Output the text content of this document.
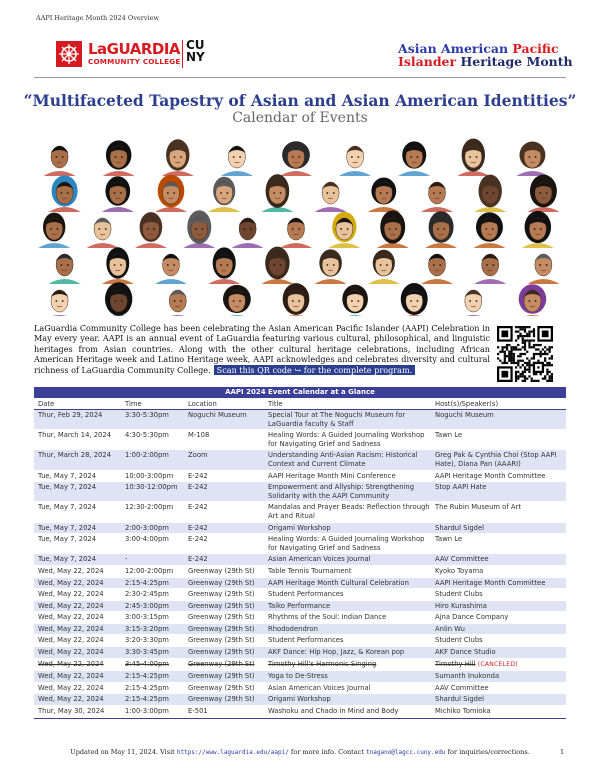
AAPI Heritage Month 2024 Overview
LaGUARDIA
COMMUNITY COLLEGE
CU
NY
Asian American Pacific
Islander Heritage Month
“Multifaceted Tapestry of Asian and Asian American Identities”
Calendar of Events
LaGuardia Community College has been celebrating the Asian American Pacific Islander (AAPI) Celebration in May every year. AAPI is an annual event of LaGuardia featuring various cultural, philosophical, and linguistic heritages from Asian countries. Along with the other cultural heritage celebrations, including African American Heritage week and Latino Heritage week, AAPI acknowledges and celebrates diversity and cultural richness of LaGuardia Community College. Scan this QR code ↪ for the complete program.
AAPI 2024 Event Calendar at a Glance
Date	Time	Location	Title	Host(s)/Speaker(s)
Thur, Feb 29, 2024	3:30-5:30pm	Noguchi Museum	Special Tour at The Noguchi Museum for LaGuardia faculty & Staff	Noguchi Museum
Thur, March 14, 2024	4:30-5:30pm	M-108	Healing Words: A Guided Journaling Workshop for Navigating Grief and Sadness	Tawn Le
Thur, March 28, 2024	1:00-2:00pm	Zoom	Understanding Anti-Asian Racism: Historical Context and Current Climate	Greg Pak & Cynthia Choi (Stop AAPI Hate), Diana Pan (AAARI)
Tue, May 7, 2024	10:00-3:00pm	E-242	AAPI Heritage Month Mini Conference	AAPI Heritage Month Committee
Tue, May 7, 2024	10:30-12:00pm	E-242	Empowerment and Allyship: Strengthening Solidarity with the AAPI Community	Stop AAPI Hate
Tue, May 7, 2024	12:30-2:00pm	E-242	Mandalas and Prayer Beads: Reflection through Art and Ritual	The Rubin Museum of Art
Tue, May 7, 2024	2:00-3:00pm	E-242	Origami Workshop	Shardul Sigdel
Tue, May 7, 2024	3:00-4:00pm	E-242	Healing Words: A Guided Journaling Workshop for Navigating Grief and Sadness	Tawn Le
Tue, May 7, 2024	-	E-242	Asian American Voices Journal	AAV Committee
Wed, May 22, 2024	12:00-2:00pm	Greenway (29th St)	Table Tennis Tournament	Kyoko Toyama
Wed, May 22, 2024	2:15-4:25pm	Greenway (29th St)	AAPI Heritage Month Cultural Celebration	AAPI Heritage Month Committee
Wed, May 22, 2024	2:30-2:45pm	Greenway (29th St)	Student Performances	Student Clubs
Wed, May 22, 2024	2:45-3:00pm	Greenway (29th St)	Taiko Performance	Hiro Kurashima
Wed, May 22, 2024	3:00-3:15pm	Greenway (29th St)	Rhythms of the Soul: Indian Dance	Ajna Dance Company
Wed, May 22, 2024	3:15-3:20pm	Greenway (29th St)	Rhododendron	Anlin Wu
Wed, May 22, 2024	3:20-3:30pm	Greenway (29th St)	Student Performances	Student Clubs
Wed, May 22, 2024	3:30-3:45pm	Greenway (29th St)	AKF Dance: Hip Hop, Jazz, & Korean pop	AKF Dance Studio
Wed, May 22, 2024	3:45-4:00pm	Greenway (29th St)	Timothy Hill's Harmonic Singing	Timothy Hill (CANCELED)
Wed, May 22, 2024	2:15-4:25pm	Greenway (29th St)	Yoga to De-Stress	Sumanth Inukonda
Wed, May 22, 2024	2:15-4:25pm	Greenway (29th St)	Asian American Voices Journal	AAV Committee
Wed, May 22, 2024	2:15-4:25pm	Greenway (29th St)	Origami Workshop	Shardul Sigdel
Thur, May 30, 2024	1:00-3:00pm	E-501	Washoku and Chado in Mind and Body	Michiko Tomioka
Updated on May 11, 2024. Visit https://www.laguardia.edu/aapi/ for more info. Contact tnagano@lagcc.cuny.edu for inquiries/corrections.	1
